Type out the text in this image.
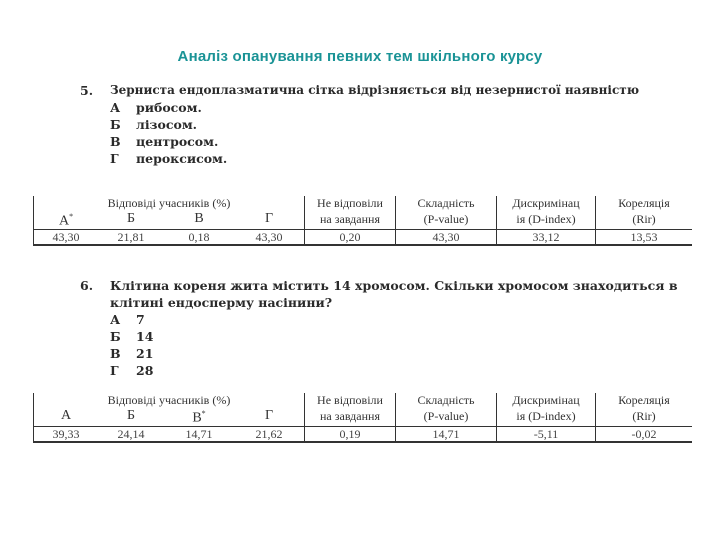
Аналіз опанування певних тем шкільного курсу
5. Зерниста ендоплазматична сітка відрізняється від незернистої наявністю
А	рибосом.
Б	лізосом.
В	центросом.
Г	пероксисом.
Відповіді учасників (%)				Не відповіли	Складність	Дискримінац	Кореляція
А*	Б	В	Г	на завдання	(P-value)	ія (D-index)	(Rir)
43,30	21,81	0,18	43,30	0,20	43,30	33,12	13,53
6. Клітина кореня жита містить 14 хромосом. Скільки хромосом знаходиться в
клітині ендосперму насінини?
А	7
Б	14
В	21
Г	28
Відповіді учасників (%)				Не відповіли	Складність	Дискримінац	Кореляція
А	Б	В*	Г	на завдання	(P-value)	ія (D-index)	(Rir)
39,33	24,14	14,71	21,62	0,19	14,71	-5,11	-0,02
